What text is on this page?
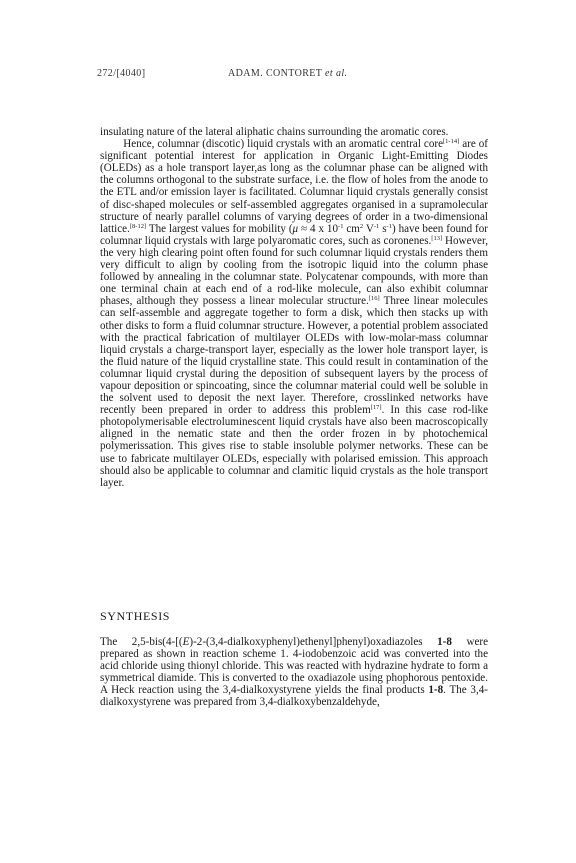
272/[4040]	ADAM. CONTORET et al.

insulating nature of the lateral aliphatic chains surrounding the aromatic cores.

Hence, columnar (discotic) liquid crystals with an aromatic central core[1-14] are of significant potential interest for application in Organic Light-Emitting Diodes (OLEDs) as a hole transport layer,as long as the columnar phase can be aligned with the columns orthogonal to the substrate surface, i.e. the flow of holes from the anode to the ETL and/or emission layer is facilitated. Columnar liquid crystals generally consist of disc-shaped molecules or self-assembled aggregates organised in a supramolecular structure of nearly parallel columns of varying degrees of order in a two-dimensional lattice.[8-12] The largest values for mobility (μ ≈ 4 x $10^{-1}$ $cm^2$ $V^{-1}$ $s^{-1}$) have been found for columnar liquid crystals with large polyaromatic cores, such as coronenes.[13] However, the very high clearing point often found for such columnar liquid crystals renders them very difficult to align by cooling from the isotropic liquid into the column phase followed by annealing in the columnar state. Polycatenar compounds, with more than one terminal chain at each end of a rod-like molecule, can also exhibit columnar phases, although they possess a linear molecular structure.[16] Three linear molecules can self-assemble and aggregate together to form a disk, which then stacks up with other disks to form a fluid columnar structure. However, a potential problem associated with the practical fabrication of multilayer OLEDs with low-molar-mass columnar liquid crystals a charge-transport layer, especially as the lower hole transport layer, is the fluid nature of the liquid crystalline state. This could result in contamination of the columnar liquid crystal during the deposition of subsequent layers by the process of vapour deposition or spincoating, since the columnar material could well be soluble in the solvent used to deposit the next layer. Therefore, crosslinked networks have recently been prepared in order to address this problem[17]. In this case rod-like photopolymerisable electroluminescent liquid crystals have also been macroscopically aligned in the nematic state and then the order frozen in by photochemical polymerissation. This gives rise to stable insoluble polymer networks. These can be use to fabricate multilayer OLEDs, especially with polarised emission. This approach should also be applicable to columnar and clamitic liquid crystals as the hole transport layer.

SYNTHESIS

The 2,5-bis(4-[(E)-2-(3,4-dialkoxyphenyl)ethenyl]phenyl)oxadiazoles 1-8 were prepared as shown in reaction scheme 1. 4-iodobenzoic acid was converted into the acid chloride using thionyl chloride. This was reacted with hydrazine hydrate to form a symmetrical diamide. This is converted to the oxadiazole using phophorous pentoxide. A Heck reaction using the 3,4-dialkoxystyrene yields the final products 1-8. The 3,4-dialkoxystyrene was prepared from 3,4-dialkoxybenzaldehyde,
